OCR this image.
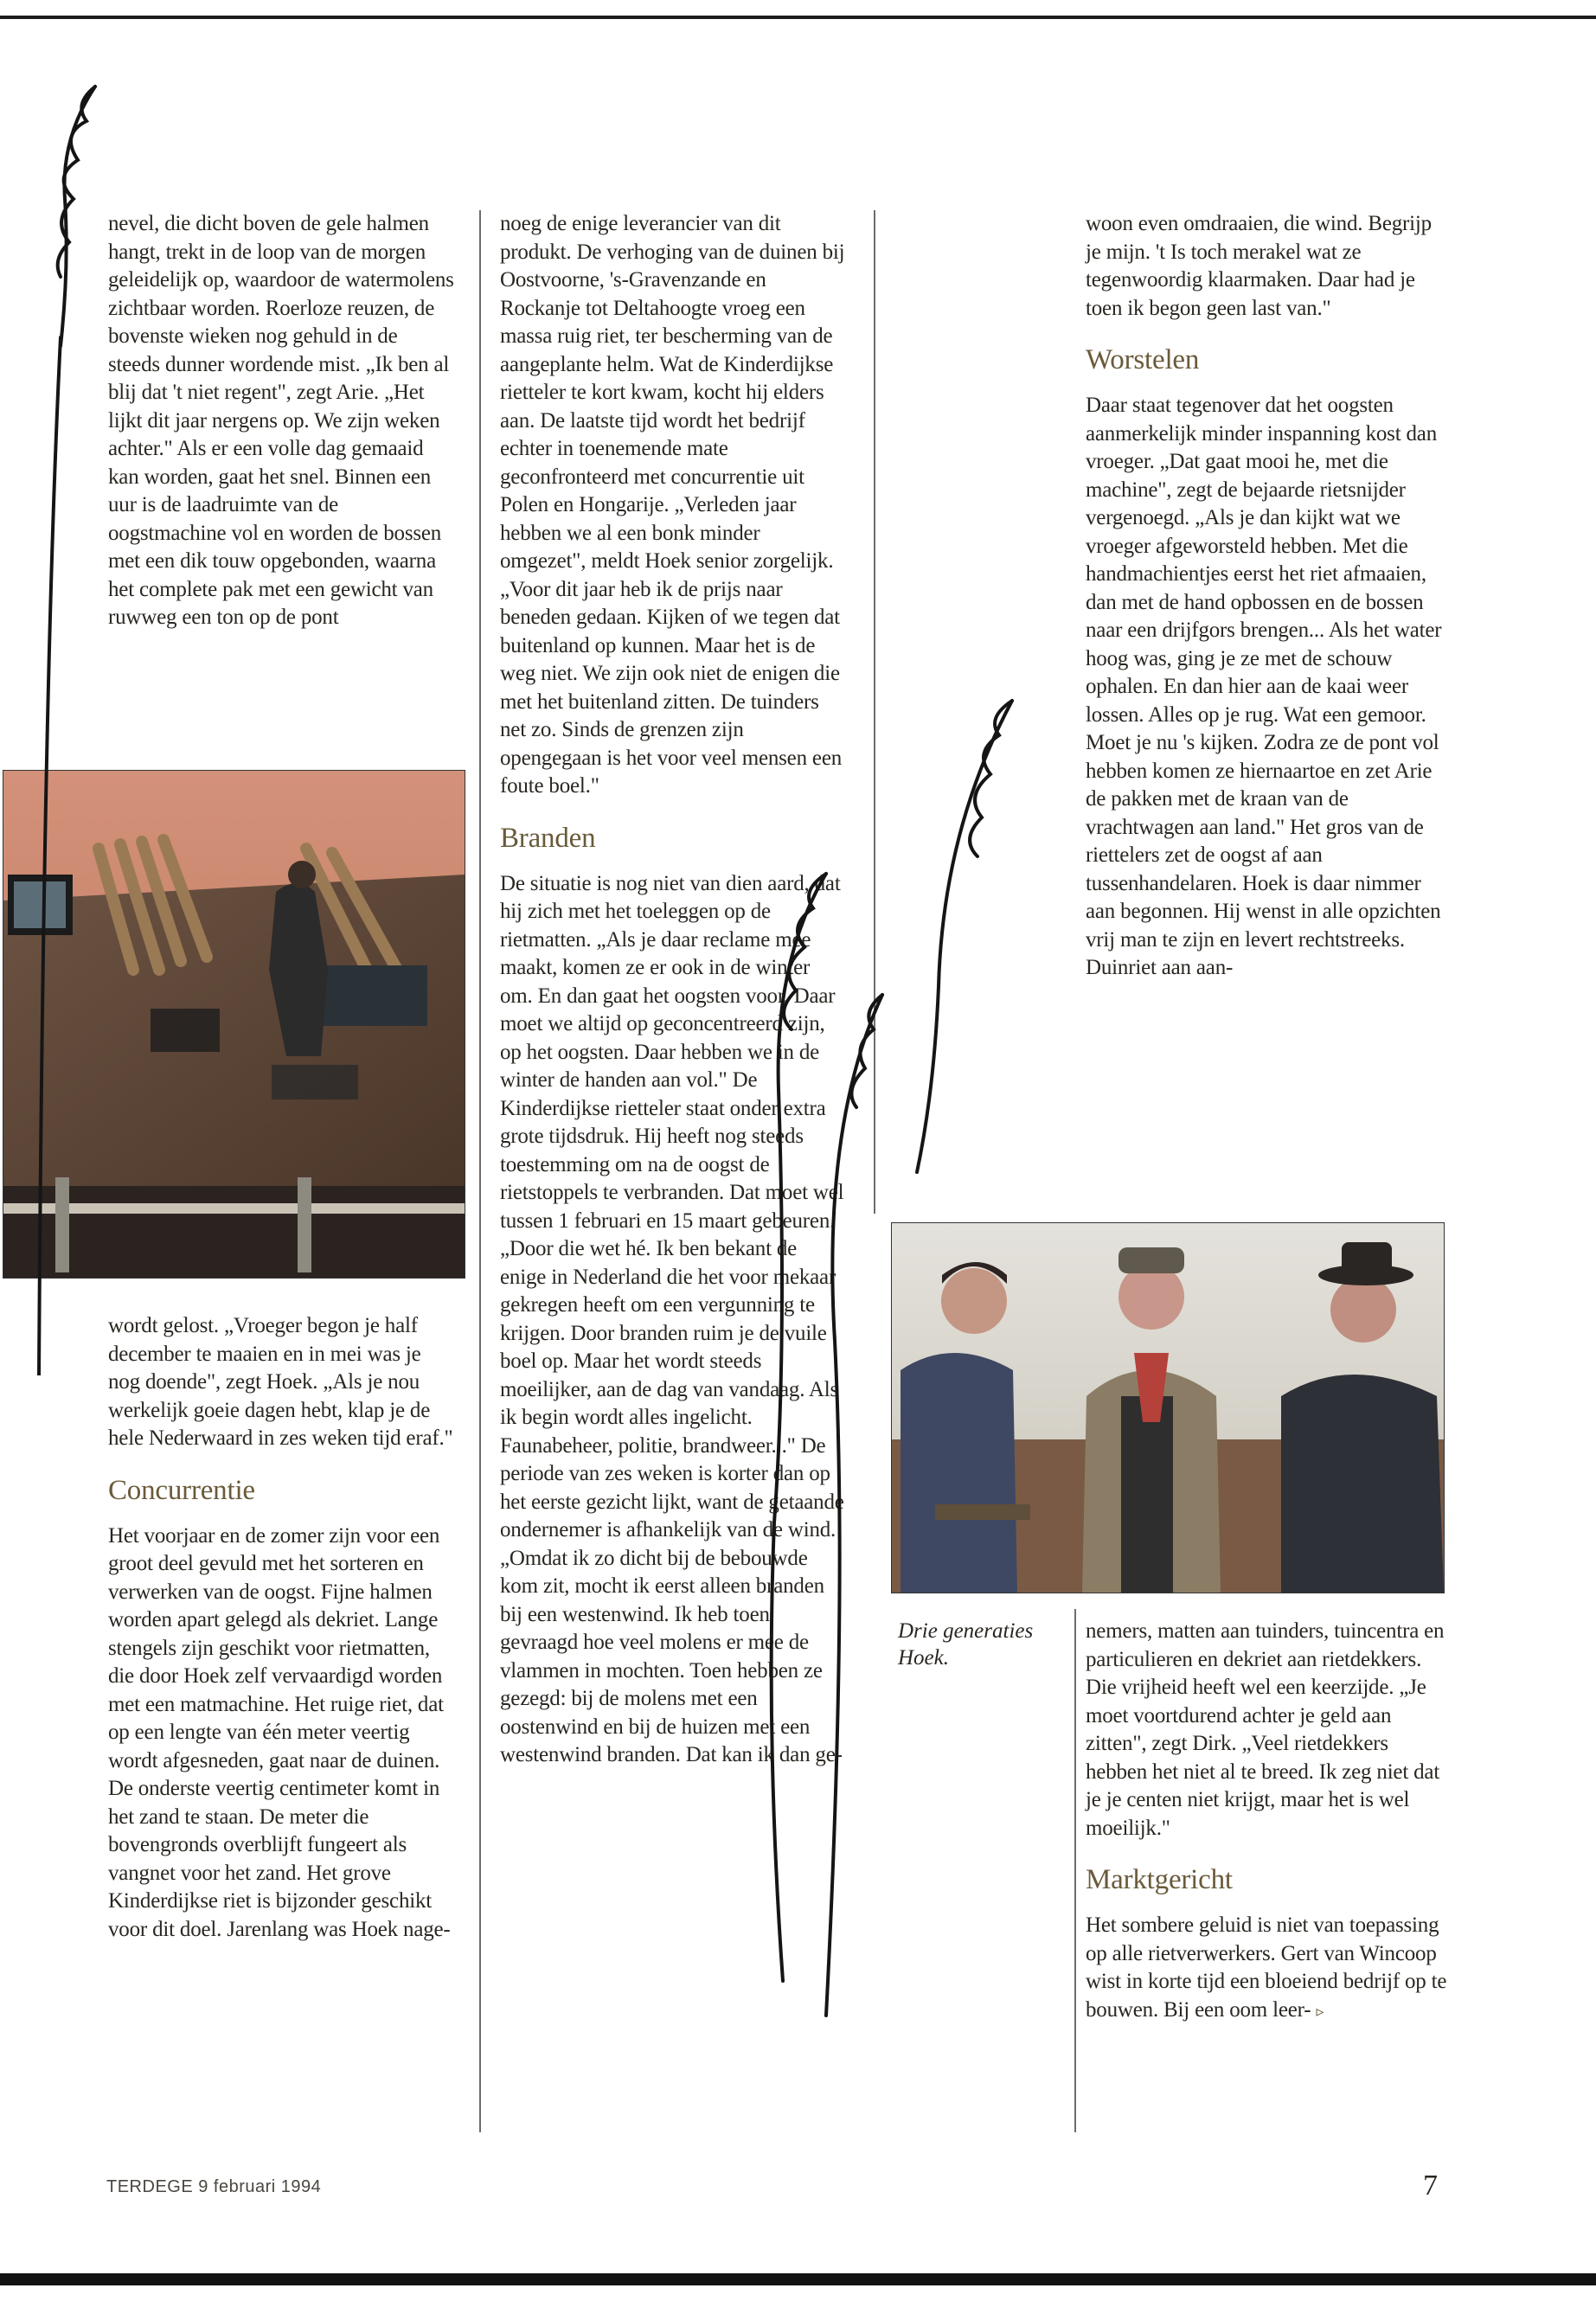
nevel, die dicht boven de gele halmen hangt, trekt in de loop van de morgen geleidelijk op, waardoor de watermolens zichtbaar worden. Roerloze reuzen, de bovenste wieken nog gehuld in de steeds dunner wordende mist. „Ik ben al blij dat 't niet regent", zegt Arie. „Het lijkt dit jaar nergens op. We zijn weken achter." Als er een volle dag gemaaid kan worden, gaat het snel. Binnen een uur is de laadruimte van de oogstmachine vol en worden de bossen met een dik touw opgebonden, waarna het complete pak met een gewicht van ruwweg een ton op de pont

wordt gelost. „Vroeger begon je half december te maaien en in mei was je nog doende", zegt Hoek. „Als je nou werkelijk goeie dagen hebt, klap je de hele Nederwaard in zes weken tijd eraf."

Concurrentie

Het voorjaar en de zomer zijn voor een groot deel gevuld met het sorteren en verwerken van de oogst. Fijne halmen worden apart gelegd als dekriet. Lange stengels zijn geschikt voor rietmatten, die door Hoek zelf vervaardigd worden met een matmachine. Het ruige riet, dat op een lengte van één meter veertig wordt afgesneden, gaat naar de duinen. De onderste veertig centimeter komt in het zand te staan. De meter die bovengronds overblijft fungeert als vangnet voor het zand. Het grove Kinderdijkse riet is bijzonder geschikt voor dit doel. Jarenlang was Hoek nage-

noeg de enige leverancier van dit produkt. De verhoging van de duinen bij Oostvoorne, 's-Gravenzande en Rockanje tot Deltahoogte vroeg een massa ruig riet, ter bescherming van de aangeplante helm. Wat de Kinderdijkse rietteler te kort kwam, kocht hij elders aan. De laatste tijd wordt het bedrijf echter in toenemende mate geconfronteerd met concurrentie uit Polen en Hongarije. „Verleden jaar hebben we al een bonk minder omgezet", meldt Hoek senior zorgelijk. „Voor dit jaar heb ik de prijs naar beneden gedaan. Kijken of we tegen dat buitenland op kunnen. Maar het is de weg niet. We zijn ook niet de enigen die met het buitenland zitten. De tuinders net zo. Sinds de grenzen zijn opengegaan is het voor veel mensen een foute boel."

Branden

De situatie is nog niet van dien aard, dat hij zich met het toeleggen op de rietmatten. „Als je daar reclame mee maakt, komen ze er ook in de winter om. En dan gaat het oogsten voor. Daar moet we altijd op geconcentreerd zijn, op het oogsten. Daar hebben we in de winter de handen aan vol." De Kinderdijkse rietteler staat onder extra grote tijdsdruk. Hij heeft nog steeds toestemming om na de oogst de rietstoppels te verbranden. Dat moet wel tussen 1 februari en 15 maart gebeuren. „Door die wet hé. Ik ben bekant de enige in Nederland die het voor mekaar gekregen heeft om een vergunning te krijgen. Door branden ruim je de vuile boel op. Maar het wordt steeds moeilijker, aan de dag van vandaag. Als ik begin wordt alles ingelicht. Faunabeheer, politie, brandweer..." De periode van zes weken is korter dan op het eerste gezicht lijkt, want de getaande ondernemer is afhankelijk van de wind. „Omdat ik zo dicht bij de bebouwde kom zit, mocht ik eerst alleen branden bij een westenwind. Ik heb toen gevraagd hoe veel molens er mee de vlammen in mochten. Toen hebben ze gezegd: bij de molens met een oostenwind en bij de huizen met een westenwind branden. Dat kan ik dan ge-

woon even omdraaien, die wind. Begrijp je mijn. 't Is toch merakel wat ze tegenwoordig klaarmaken. Daar had je toen ik begon geen last van."

Worstelen

Daar staat tegenover dat het oogsten aanmerkelijk minder inspanning kost dan vroeger. „Dat gaat mooi he, met die machine", zegt de bejaarde rietsnijder vergenoegd. „Als je dan kijkt wat we vroeger afgeworsteld hebben. Met die handmachientjes eerst het riet afmaaien, dan met de hand opbossen en de bossen naar een drijfgors brengen... Als het water hoog was, ging je ze met de schouw ophalen. En dan hier aan de kaai weer lossen. Alles op je rug. Wat een gemoor. Moet je nu 's kijken. Zodra ze de pont vol hebben komen ze hiernaartoe en zet Arie de pakken met de kraan van de vrachtwagen aan land." Het gros van de riettelers zet de oogst af aan tussenhandelaren. Hoek is daar nimmer aan begonnen. Hij wenst in alle opzichten vrij man te zijn en levert rechtstreeks. Duinriet aan aan-

Drie generaties Hoek.

nemers, matten aan tuinders, tuincentra en particulieren en dekriet aan rietdekkers. Die vrijheid heeft wel een keerzijde. „Je moet voortdurend achter je geld aan zitten", zegt Dirk. „Veel rietdekkers hebben het niet al te breed. Ik zeg niet dat je je centen niet krijgt, maar het is wel moeilijk."

Marktgericht

Het sombere geluid is niet van toepassing op alle rietverwerkers. Gert van Wincoop wist in korte tijd een bloeiend bedrijf op te bouwen. Bij een oom leer- ▹

TERDEGE 9 februari 1994	7
